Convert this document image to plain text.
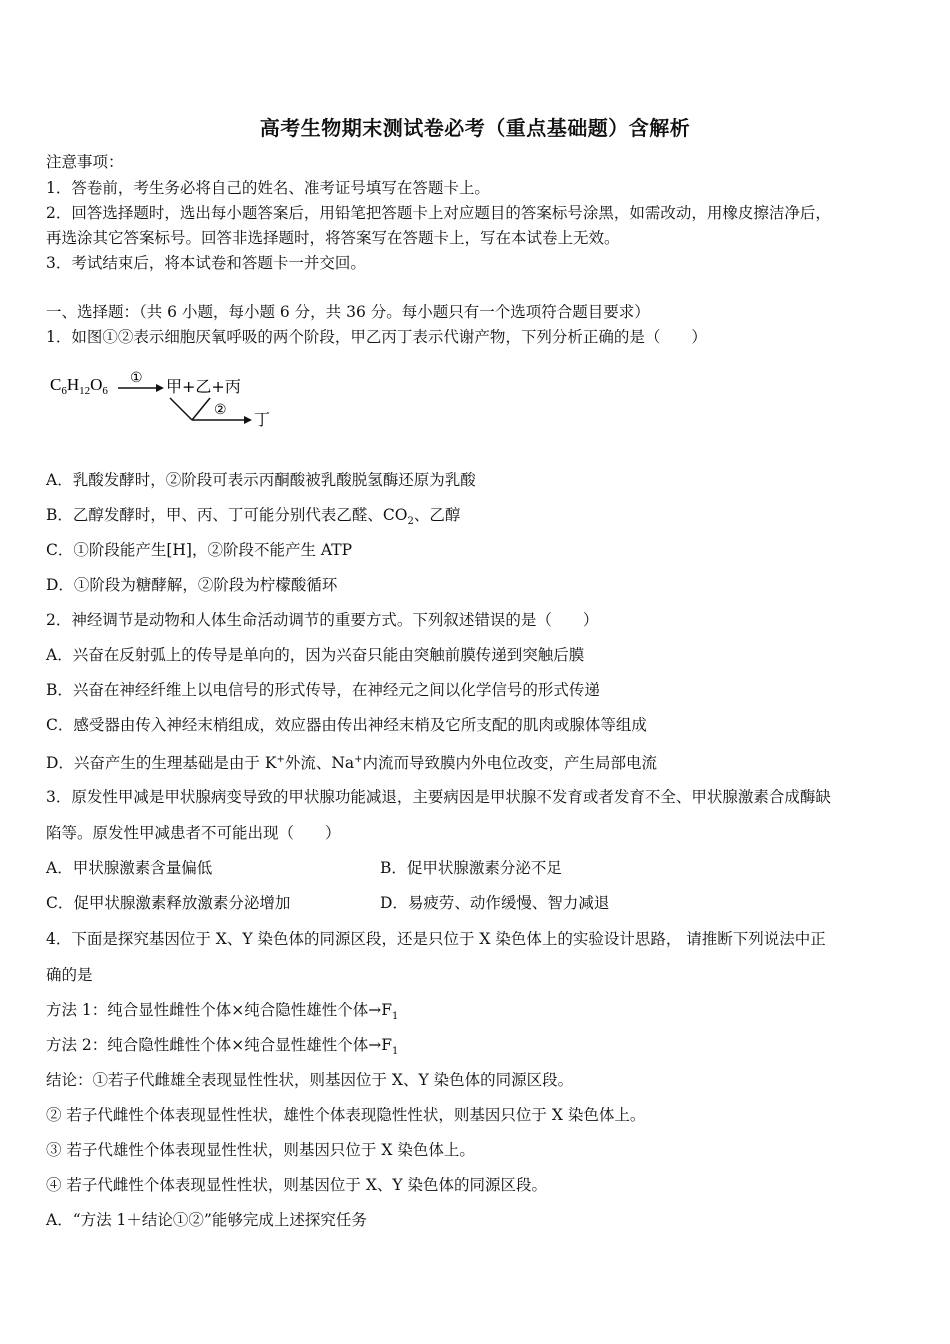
高考生物期末测试卷必考（重点基础题）含解析
注意事项：
1．答卷前，考生务必将自己的姓名、准考证号填写在答题卡上。
2．回答选择题时，选出每小题答案后，用铅笔把答题卡上对应题目的答案标号涂黑，如需改动，用橡皮擦洁净后，
再选涂其它答案标号。回答非选择题时，将答案写在答题卡上，写在本试卷上无效。
3．考试结束后，将本试卷和答题卡一并交回。
一、选择题：（共 6 小题，每小题 6 分，共 36 分。每小题只有一个选项符合题目要求）
1．如图①②表示细胞厌氧呼吸的两个阶段，甲乙丙丁表示代谢产物，下列分析正确的是（　　）
$C_6H_{12}O_6$
① 甲+乙+丙
② 丁
A．乳酸发酵时，②阶段可表示丙酮酸被乳酸脱氢酶还原为乳酸
B．乙醇发酵时，甲、丙、丁可能分别代表乙醛、$CO_2$、乙醇
C．①阶段能产生[H]，②阶段不能产生 ATP
D．①阶段为糖酵解，②阶段为柠檬酸循环
2．神经调节是动物和人体生命活动调节的重要方式。下列叙述错误的是（　　）
A．兴奋在反射弧上的传导是单向的，因为兴奋只能由突触前膜传递到突触后膜
B．兴奋在神经纤维上以电信号的形式传导，在神经元之间以化学信号的形式传递
C．感受器由传入神经末梢组成，效应器由传出神经末梢及它所支配的肌肉或腺体等组成
D．兴奋产生的生理基础是由于 K+外流、Na+内流而导致膜内外电位改变，产生局部电流
3．原发性甲减是甲状腺病变导致的甲状腺功能减退，主要病因是甲状腺不发育或者发育不全、甲状腺激素合成酶缺
陷等。原发性甲减患者不可能出现（　　）
A．甲状腺激素含量偏低	B．促甲状腺激素分泌不足
C．促甲状腺激素释放激素分泌增加	D．易疲劳、动作缓慢、智力减退
4．下面是探究基因位于 X、Y 染色体的同源区段，还是只位于 X 染色体上的实验设计思路， 请推断下列说法中正
确的是
方法 1：纯合显性雌性个体×纯合隐性雄性个体$\to F_1$
方法 2：纯合隐性雌性个体×纯合显性雄性个体$\to F_1$
结论：①若子代雌雄全表现显性性状，则基因位于 X、Y 染色体的同源区段。
② 若子代雌性个体表现显性性状，雄性个体表现隐性性状，则基因只位于 X 染色体上。
③ 若子代雄性个体表现显性性状，则基因只位于 X 染色体上。
④ 若子代雌性个体表现显性性状，则基因位于 X、Y 染色体的同源区段。
A．“方法 1＋结论①②”能够完成上述探究任务
